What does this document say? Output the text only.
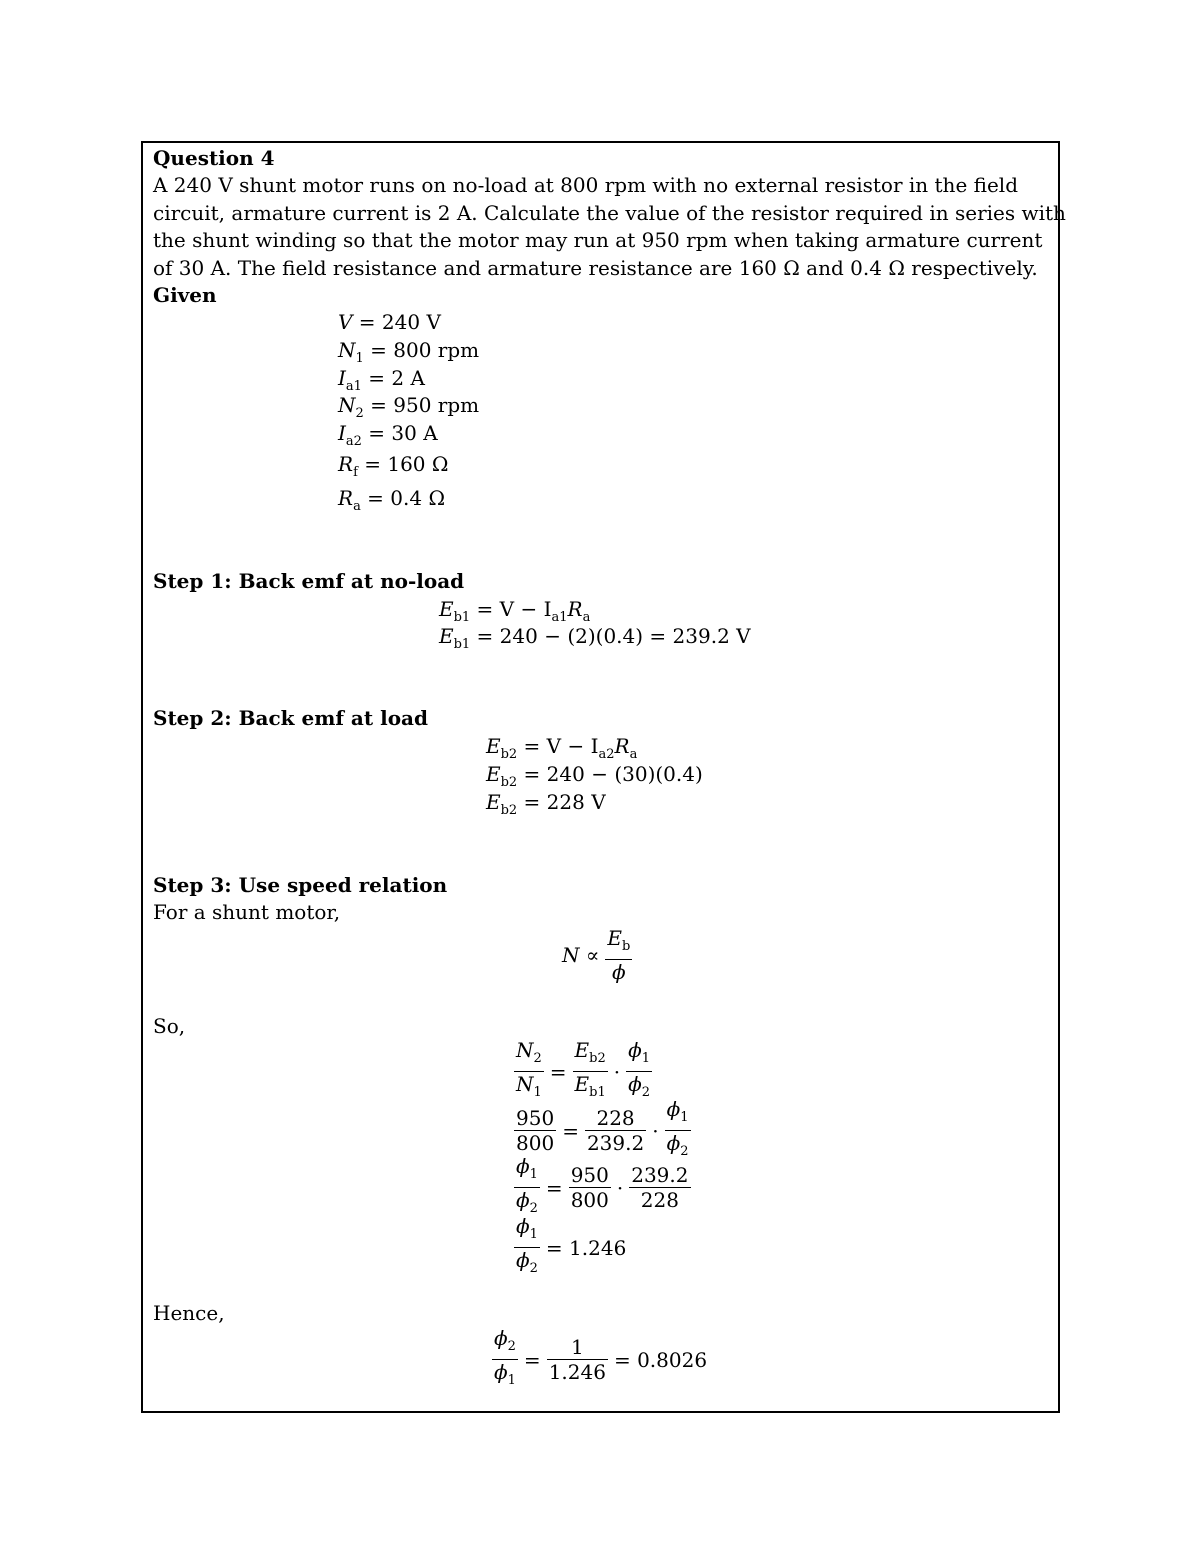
Question 4
A 240 V shunt motor runs on no-load at 800 rpm with no external resistor in the field
circuit, armature current is 2 A. Calculate the value of the resistor required in series with
the shunt winding so that the motor may run at 950 rpm when taking armature current
of 30 A. The field resistance and armature resistance are 160 Ω and 0.4 Ω respectively.
Given
V = 240 V
$N_1 = 800$ rpm
$I_{a1} = 2$ A
$N_2 = 950$ rpm
$I_{a2} = 30$ A
$R_f = 160$ Ω
$R_a = 0.4$ Ω
Step 1: Back emf at no-load
$E_{b1} = V - I_{a1}R_a$
$E_{b1} = 240 - (2)(0.4) = 239.2$ V
Step 2: Back emf at load
$E_{b2} = V - I_{a2}R_a$
$E_{b2} = 240 - (30)(0.4)$
$E_{b2} = 228$ V
Step 3: Use speed relation
For a shunt motor,
$N \propto \frac{E_b}{\phi}$
So,
$\frac{N_2}{N_1} = \frac{E_{b2}}{E_{b1}} \cdot \frac{\phi_1}{\phi_2}$
$\frac{950}{800} = \frac{228}{239.2} \cdot \frac{\phi_1}{\phi_2}$
$\frac{\phi_1}{\phi_2} = \frac{950}{800} \cdot \frac{239.2}{228}$
$\frac{\phi_1}{\phi_2} = 1.246$
Hence,
$\frac{\phi_2}{\phi_1} = \frac{1}{1.246} = 0.8026$
